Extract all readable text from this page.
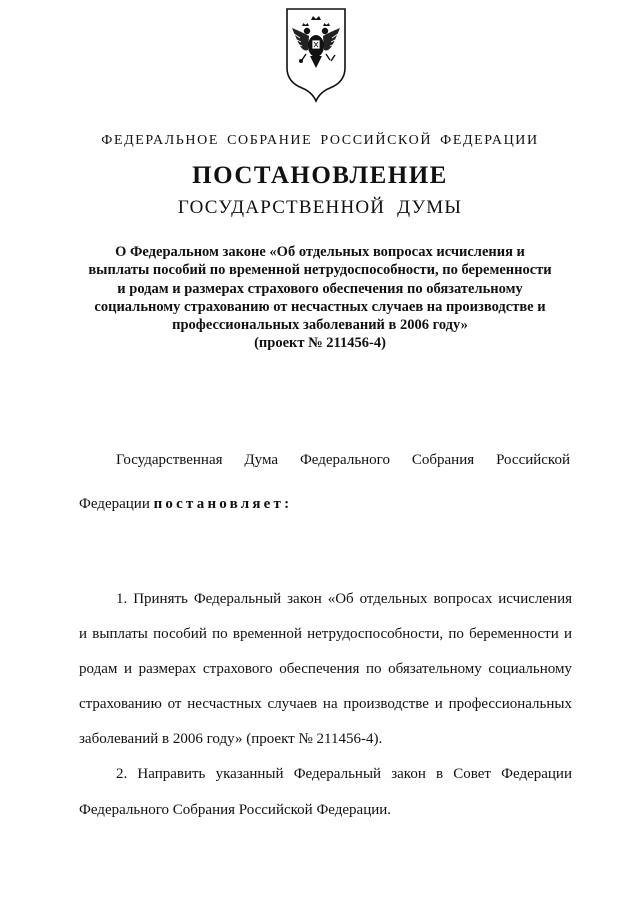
ФЕДЕРАЛЬНОЕ СОБРАНИЕ РОССИЙСКОЙ ФЕДЕРАЦИИ
ПОСТАНОВЛЕНИЕ
ГОСУДАРСТВЕННОЙ ДУМЫ
О Федеральном законе «Об отдельных вопросах исчисления и
выплаты пособий по временной нетрудоспособности, по беременности
и родам и размерах страхового обеспечения по обязательному
социальному страхованию от несчастных случаев на производстве и
профессиональных заболеваний в 2006 году»
(проект № 211456-4)
Государственная Дума Федерального Собрания Российской
Федерации постановляет:
1. Принять Федеральный закон «Об отдельных вопросах исчисления
и выплаты пособий по временной нетрудоспособности, по беременности и
родам и размерах страхового обеспечения по обязательному социальному
страхованию от несчастных случаев на производстве и профессиональных
заболеваний в 2006 году» (проект № 211456-4).
2. Направить указанный Федеральный закон в Совет Федерации
Федерального Собрания Российской Федерации.
